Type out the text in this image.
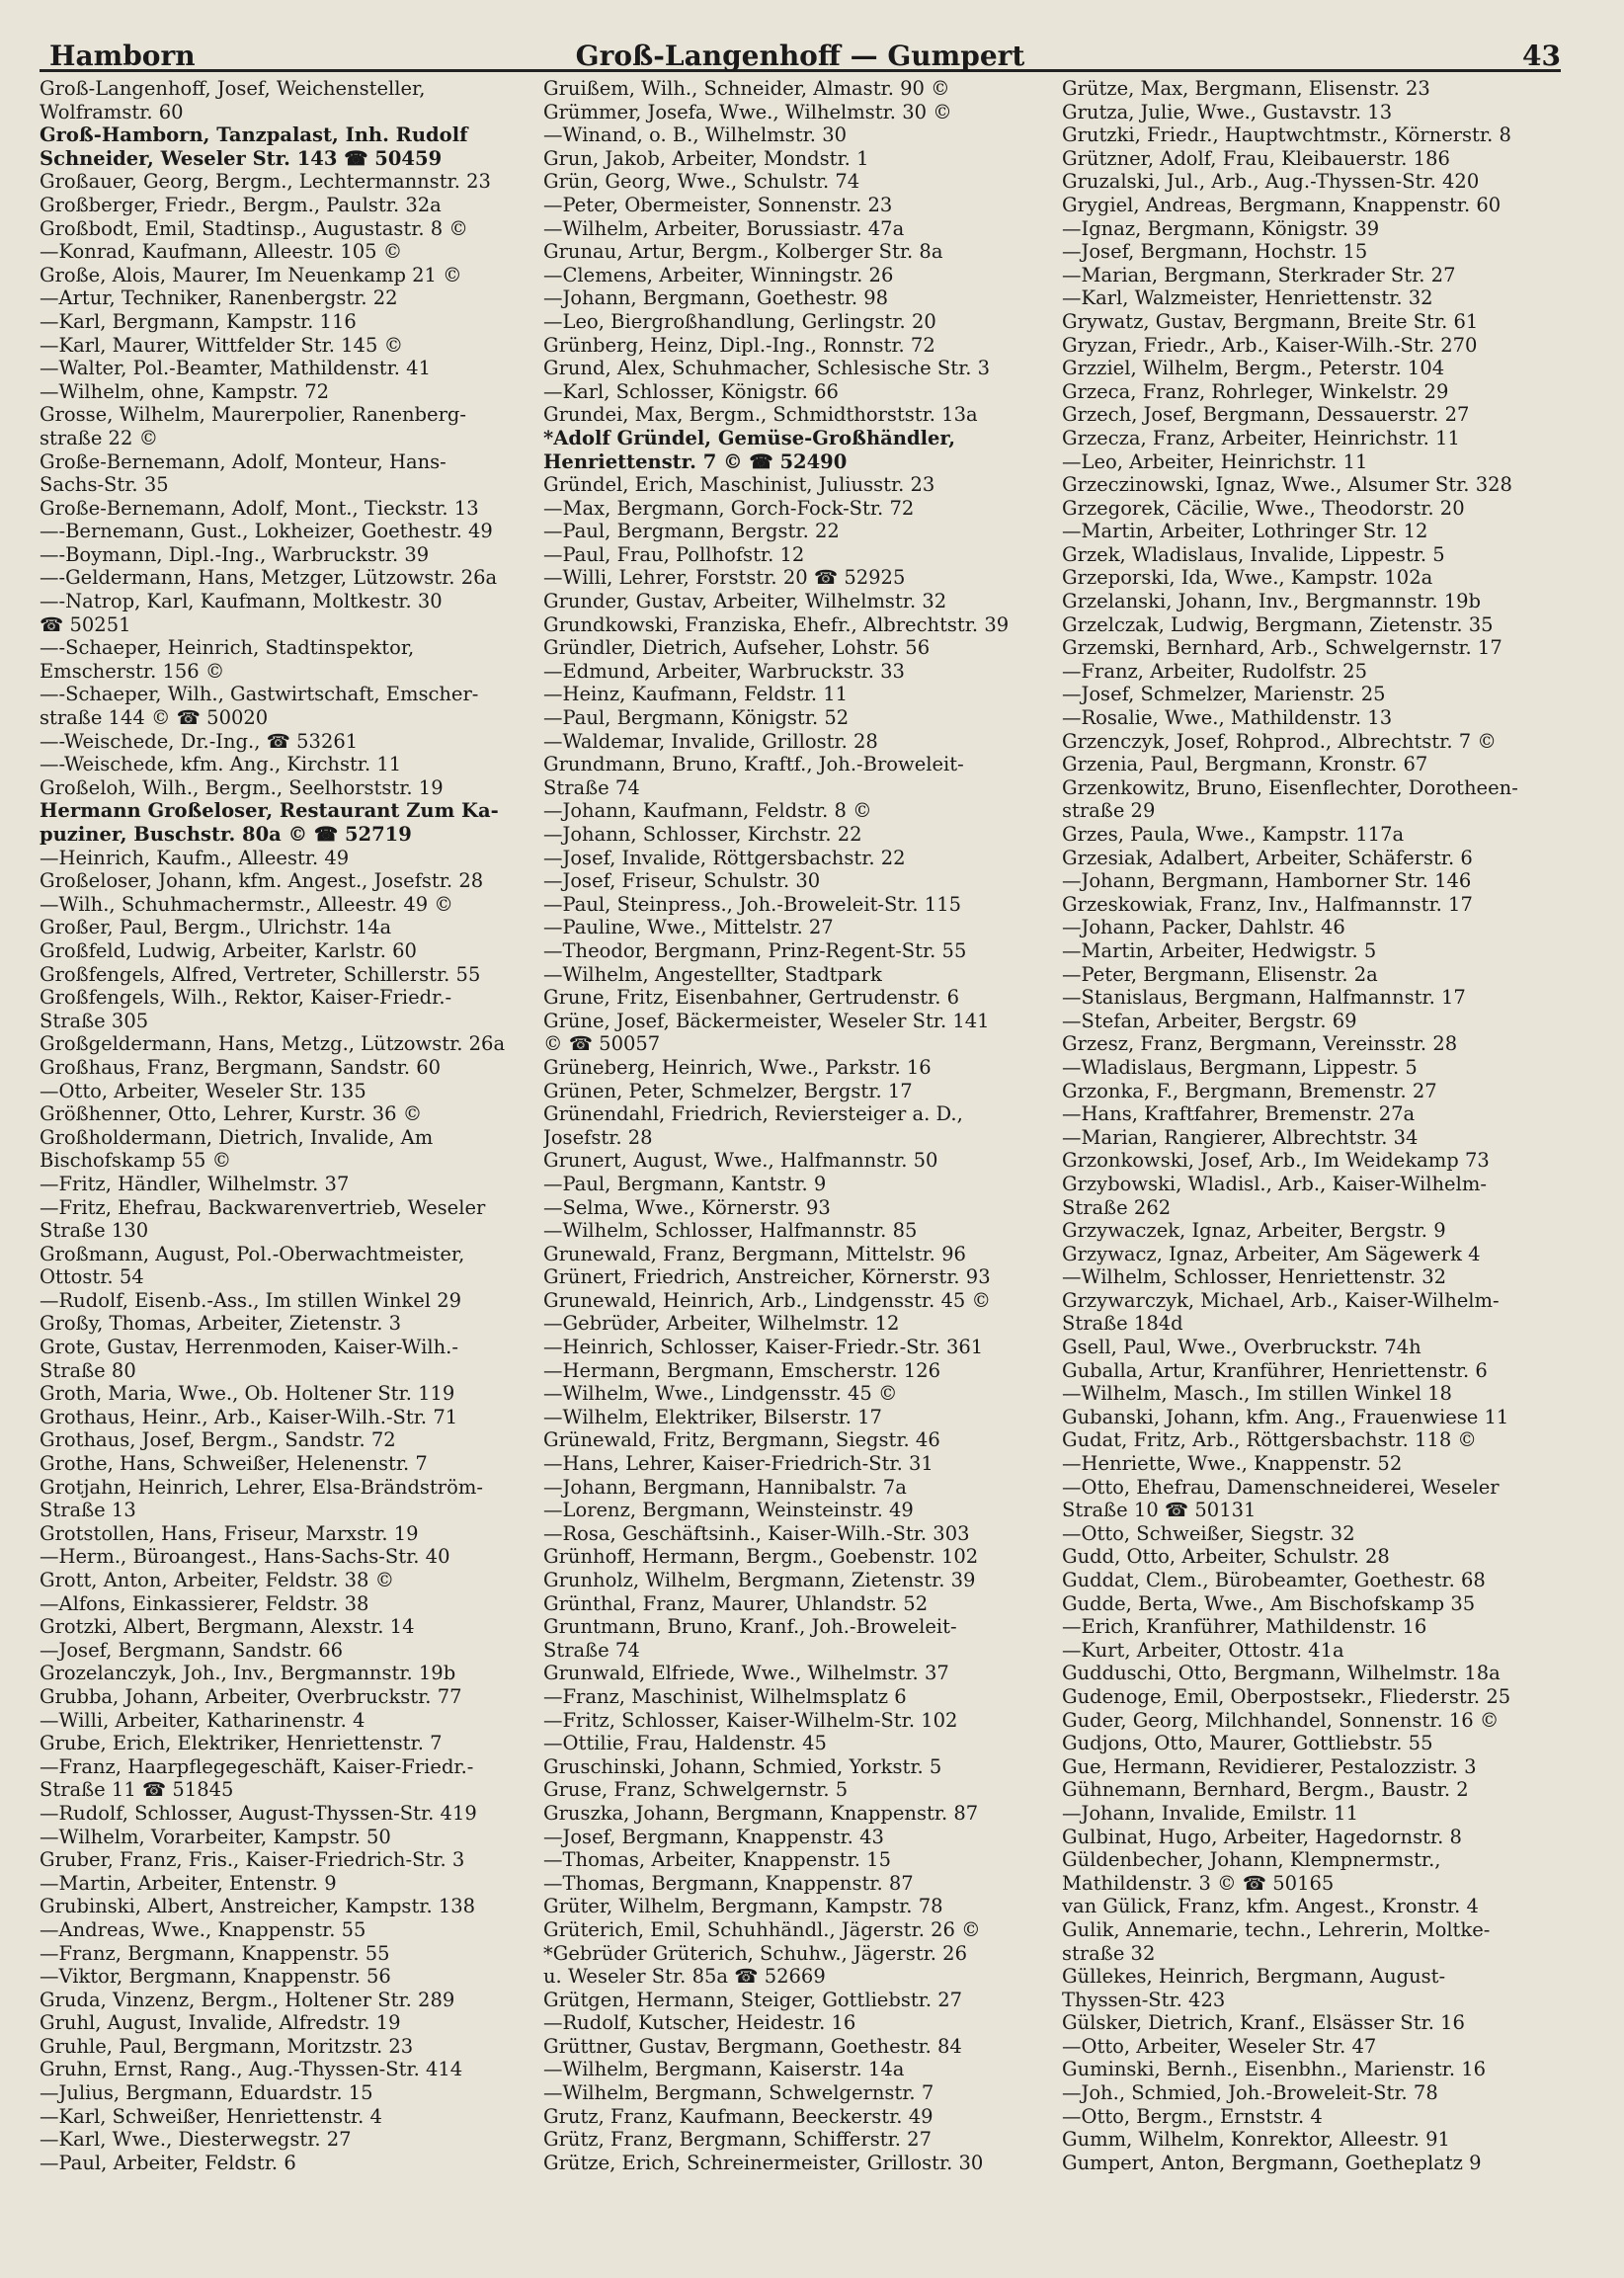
Hamborn	Groß-Langenhoff — Gumpert	43

Groß-Langenhoff, Josef, Weichensteller,

Wolframstr. 60

Groß-Hamborn, Tanzpalast, Inh. Rudolf

Schneider, Weseler Str. 143 ☎ 50459

Großauer, Georg, Bergm., Lechtermannstr. 23

Großberger, Friedr., Bergm., Paulstr. 32a

Großbodt, Emil, Stadtinsp., Augustastr. 8 ©

—Konrad, Kaufmann, Alleestr. 105 ©

Große, Alois, Maurer, Im Neuenkamp 21 ©

—Artur, Techniker, Ranenbergstr. 22

—Karl, Bergmann, Kampstr. 116

—Karl, Maurer, Wittfelder Str. 145 ©

—Walter, Pol.-Beamter, Mathildenstr. 41

—Wilhelm, ohne, Kampstr. 72

Grosse, Wilhelm, Maurerpolier, Ranenberg-

straße 22 ©

Große-Bernemann, Adolf, Monteur, Hans-

Sachs-Str. 35

Große-Bernemann, Adolf, Mont., Tieckstr. 13

—-Bernemann, Gust., Lokheizer, Goethestr. 49

—-Boymann, Dipl.-Ing., Warbruckstr. 39

—-Geldermann, Hans, Metzger, Lützowstr. 26a

—-Natrop, Karl, Kaufmann, Moltkestr. 30

☎ 50251

—-Schaeper, Heinrich, Stadtinspektor,

Emscherstr. 156 ©

—-Schaeper, Wilh., Gastwirtschaft, Emscher-

straße 144 © ☎ 50020

—-Weischede, Dr.-Ing., ☎ 53261

—-Weischede, kfm. Ang., Kirchstr. 11

Großeloh, Wilh., Bergm., Seelhorststr. 19

Hermann Großeloser, Restaurant Zum Ka-

puziner, Buschstr. 80a © ☎ 52719

—Heinrich, Kaufm., Alleestr. 49

Großeloser, Johann, kfm. Angest., Josefstr. 28

—Wilh., Schuhmachermstr., Alleestr. 49 ©

Großer, Paul, Bergm., Ulrichstr. 14a

Großfeld, Ludwig, Arbeiter, Karlstr. 60

Großfengels, Alfred, Vertreter, Schillerstr. 55

Großfengels, Wilh., Rektor, Kaiser-Friedr.-

Straße 305

Großgeldermann, Hans, Metzg., Lützowstr. 26a

Großhaus, Franz, Bergmann, Sandstr. 60

—Otto, Arbeiter, Weseler Str. 135

Größhenner, Otto, Lehrer, Kurstr. 36 ©

Großholdermann, Dietrich, Invalide, Am

Bischofskamp 55 ©

—Fritz, Händler, Wilhelmstr. 37

—Fritz, Ehefrau, Backwarenvertrieb, Weseler

Straße 130

Großmann, August, Pol.-Oberwachtmeister,

Ottostr. 54

—Rudolf, Eisenb.-Ass., Im stillen Winkel 29

Großy, Thomas, Arbeiter, Zietenstr. 3

Grote, Gustav, Herrenmoden, Kaiser-Wilh.-

Straße 80

Groth, Maria, Wwe., Ob. Holtener Str. 119

Grothaus, Heinr., Arb., Kaiser-Wilh.-Str. 71

Grothaus, Josef, Bergm., Sandstr. 72

Grothe, Hans, Schweißer, Helenenstr. 7

Grotjahn, Heinrich, Lehrer, Elsa-Brändström-

Straße 13

Grotstollen, Hans, Friseur, Marxstr. 19

—Herm., Büroangest., Hans-Sachs-Str. 40

Grott, Anton, Arbeiter, Feldstr. 38 ©

—Alfons, Einkassierer, Feldstr. 38

Grotzki, Albert, Bergmann, Alexstr. 14

—Josef, Bergmann, Sandstr. 66

Grozelanczyk, Joh., Inv., Bergmannstr. 19b

Grubba, Johann, Arbeiter, Overbruckstr. 77

—Willi, Arbeiter, Katharinenstr. 4

Grube, Erich, Elektriker, Henriettenstr. 7

—Franz, Haarpflegegeschäft, Kaiser-Friedr.-

Straße 11 ☎ 51845

—Rudolf, Schlosser, August-Thyssen-Str. 419

—Wilhelm, Vorarbeiter, Kampstr. 50

Gruber, Franz, Fris., Kaiser-Friedrich-Str. 3

—Martin, Arbeiter, Entenstr. 9

Grubinski, Albert, Anstreicher, Kampstr. 138

—Andreas, Wwe., Knappenstr. 55

—Franz, Bergmann, Knappenstr. 55

—Viktor, Bergmann, Knappenstr. 56

Gruda, Vinzenz, Bergm., Holtener Str. 289

Gruhl, August, Invalide, Alfredstr. 19

Gruhle, Paul, Bergmann, Moritzstr. 23

Gruhn, Ernst, Rang., Aug.-Thyssen-Str. 414

—Julius, Bergmann, Eduardstr. 15

—Karl, Schweißer, Henriettenstr. 4

—Karl, Wwe., Diesterwegstr. 27

—Paul, Arbeiter, Feldstr. 6

Gruißem, Wilh., Schneider, Almastr. 90 ©

Grümmer, Josefa, Wwe., Wilhelmstr. 30 ©

—Winand, o. B., Wilhelmstr. 30

Grun, Jakob, Arbeiter, Mondstr. 1

Grün, Georg, Wwe., Schulstr. 74

—Peter, Obermeister, Sonnenstr. 23

—Wilhelm, Arbeiter, Borussiastr. 47a

Grunau, Artur, Bergm., Kolberger Str. 8a

—Clemens, Arbeiter, Winningstr. 26

—Johann, Bergmann, Goethestr. 98

—Leo, Biergroßhandlung, Gerlingstr. 20

Grünberg, Heinz, Dipl.-Ing., Ronnstr. 72

Grund, Alex, Schuhmacher, Schlesische Str. 3

—Karl, Schlosser, Königstr. 66

Grundei, Max, Bergm., Schmidthorststr. 13a

*Adolf Gründel, Gemüse-Großhändler,

Henriettenstr. 7 © ☎ 52490

Gründel, Erich, Maschinist, Juliusstr. 23

—Max, Bergmann, Gorch-Fock-Str. 72

—Paul, Bergmann, Bergstr. 22

—Paul, Frau, Pollhofstr. 12

—Willi, Lehrer, Forststr. 20 ☎ 52925

Grunder, Gustav, Arbeiter, Wilhelmstr. 32

Grundkowski, Franziska, Ehefr., Albrechtstr. 39

Gründler, Dietrich, Aufseher, Lohstr. 56

—Edmund, Arbeiter, Warbruckstr. 33

—Heinz, Kaufmann, Feldstr. 11

—Paul, Bergmann, Königstr. 52

—Waldemar, Invalide, Grillostr. 28

Grundmann, Bruno, Kraftf., Joh.-Broweleit-

Straße 74

—Johann, Kaufmann, Feldstr. 8 ©

—Johann, Schlosser, Kirchstr. 22

—Josef, Invalide, Röttgersbachstr. 22

—Josef, Friseur, Schulstr. 30

—Paul, Steinpress., Joh.-Broweleit-Str. 115

—Pauline, Wwe., Mittelstr. 27

—Theodor, Bergmann, Prinz-Regent-Str. 55

—Wilhelm, Angestellter, Stadtpark

Grune, Fritz, Eisenbahner, Gertrudenstr. 6

Grüne, Josef, Bäckermeister, Weseler Str. 141

© ☎ 50057

Grüneberg, Heinrich, Wwe., Parkstr. 16

Grünen, Peter, Schmelzer, Bergstr. 17

Grünendahl, Friedrich, Reviersteiger a. D.,

Josefstr. 28

Grunert, August, Wwe., Halfmannstr. 50

—Paul, Bergmann, Kantstr. 9

—Selma, Wwe., Körnerstr. 93

—Wilhelm, Schlosser, Halfmannstr. 85

Grunewald, Franz, Bergmann, Mittelstr. 96

Grünert, Friedrich, Anstreicher, Körnerstr. 93

Grunewald, Heinrich, Arb., Lindgensstr. 45 ©

—Gebrüder, Arbeiter, Wilhelmstr. 12

—Heinrich, Schlosser, Kaiser-Friedr.-Str. 361

—Hermann, Bergmann, Emscherstr. 126

—Wilhelm, Wwe., Lindgensstr. 45 ©

—Wilhelm, Elektriker, Bilserstr. 17

Grünewald, Fritz, Bergmann, Siegstr. 46

—Hans, Lehrer, Kaiser-Friedrich-Str. 31

—Johann, Bergmann, Hannibalstr. 7a

—Lorenz, Bergmann, Weinsteinstr. 49

—Rosa, Geschäftsinh., Kaiser-Wilh.-Str. 303

Grünhoff, Hermann, Bergm., Goebenstr. 102

Grunholz, Wilhelm, Bergmann, Zietenstr. 39

Grünthal, Franz, Maurer, Uhlandstr. 52

Gruntmann, Bruno, Kranf., Joh.-Broweleit-

Straße 74

Grunwald, Elfriede, Wwe., Wilhelmstr. 37

—Franz, Maschinist, Wilhelmsplatz 6

—Fritz, Schlosser, Kaiser-Wilhelm-Str. 102

—Ottilie, Frau, Haldenstr. 45

Gruschinski, Johann, Schmied, Yorkstr. 5

Gruse, Franz, Schwelgernstr. 5

Gruszka, Johann, Bergmann, Knappenstr. 87

—Josef, Bergmann, Knappenstr. 43

—Thomas, Arbeiter, Knappenstr. 15

—Thomas, Bergmann, Knappenstr. 87

Grüter, Wilhelm, Bergmann, Kampstr. 78

Grüterich, Emil, Schuhhändl., Jägerstr. 26 ©

*Gebrüder Grüterich, Schuhw., Jägerstr. 26

u. Weseler Str. 85a ☎ 52669

Grütgen, Hermann, Steiger, Gottliebstr. 27

—Rudolf, Kutscher, Heidestr. 16

Grüttner, Gustav, Bergmann, Goethestr. 84

—Wilhelm, Bergmann, Kaiserstr. 14a

—Wilhelm, Bergmann, Schwelgernstr. 7

Grutz, Franz, Kaufmann, Beeckerstr. 49

Grütz, Franz, Bergmann, Schifferstr. 27

Grütze, Erich, Schreinermeister, Grillostr. 30

Grütze, Max, Bergmann, Elisenstr. 23

Grutza, Julie, Wwe., Gustavstr. 13

Grutzki, Friedr., Hauptwchtmstr., Körnerstr. 8

Grützner, Adolf, Frau, Kleibauerstr. 186

Gruzalski, Jul., Arb., Aug.-Thyssen-Str. 420

Grygiel, Andreas, Bergmann, Knappenstr. 60

—Ignaz, Bergmann, Königstr. 39

—Josef, Bergmann, Hochstr. 15

—Marian, Bergmann, Sterkrader Str. 27

—Karl, Walzmeister, Henriettenstr. 32

Grywatz, Gustav, Bergmann, Breite Str. 61

Gryzan, Friedr., Arb., Kaiser-Wilh.-Str. 270

Grzziel, Wilhelm, Bergm., Peterstr. 104

Grzeca, Franz, Rohrleger, Winkelstr. 29

Grzech, Josef, Bergmann, Dessauerstr. 27

Grzecza, Franz, Arbeiter, Heinrichstr. 11

—Leo, Arbeiter, Heinrichstr. 11

Grzeczinowski, Ignaz, Wwe., Alsumer Str. 328

Grzegorek, Cäcilie, Wwe., Theodorstr. 20

—Martin, Arbeiter, Lothringer Str. 12

Grzek, Wladislaus, Invalide, Lippestr. 5

Grzeporski, Ida, Wwe., Kampstr. 102a

Grzelanski, Johann, Inv., Bergmannstr. 19b

Grzelczak, Ludwig, Bergmann, Zietenstr. 35

Grzemski, Bernhard, Arb., Schwelgernstr. 17

—Franz, Arbeiter, Rudolfstr. 25

—Josef, Schmelzer, Marienstr. 25

—Rosalie, Wwe., Mathildenstr. 13

Grzenczyk, Josef, Rohprod., Albrechtstr. 7 ©

Grzenia, Paul, Bergmann, Kronstr. 67

Grzenkowitz, Bruno, Eisenflechter, Dorotheen-

straße 29

Grzes, Paula, Wwe., Kampstr. 117a

Grzesiak, Adalbert, Arbeiter, Schäferstr. 6

—Johann, Bergmann, Hamborner Str. 146

Grzeskowiak, Franz, Inv., Halfmannstr. 17

—Johann, Packer, Dahlstr. 46

—Martin, Arbeiter, Hedwigstr. 5

—Peter, Bergmann, Elisenstr. 2a

—Stanislaus, Bergmann, Halfmannstr. 17

—Stefan, Arbeiter, Bergstr. 69

Grzesz, Franz, Bergmann, Vereinsstr. 28

—Wladislaus, Bergmann, Lippestr. 5

Grzonka, F., Bergmann, Bremenstr. 27

—Hans, Kraftfahrer, Bremenstr. 27a

—Marian, Rangierer, Albrechtstr. 34

Grzonkowski, Josef, Arb., Im Weidekamp 73

Grzybowski, Wladisl., Arb., Kaiser-Wilhelm-

Straße 262

Grzywaczek, Ignaz, Arbeiter, Bergstr. 9

Grzywacz, Ignaz, Arbeiter, Am Sägewerk 4

—Wilhelm, Schlosser, Henriettenstr. 32

Grzywarczyk, Michael, Arb., Kaiser-Wilhelm-

Straße 184d

Gsell, Paul, Wwe., Overbruckstr. 74h

Guballa, Artur, Kranführer, Henriettenstr. 6

—Wilhelm, Masch., Im stillen Winkel 18

Gubanski, Johann, kfm. Ang., Frauenwiese 11

Gudat, Fritz, Arb., Röttgersbachstr. 118 ©

—Henriette, Wwe., Knappenstr. 52

—Otto, Ehefrau, Damenschneiderei, Weseler

Straße 10 ☎ 50131

—Otto, Schweißer, Siegstr. 32

Gudd, Otto, Arbeiter, Schulstr. 28

Guddat, Clem., Bürobeamter, Goethestr. 68

Gudde, Berta, Wwe., Am Bischofskamp 35

—Erich, Kranführer, Mathildenstr. 16

—Kurt, Arbeiter, Ottostr. 41a

Gudduschi, Otto, Bergmann, Wilhelmstr. 18a

Gudenoge, Emil, Oberpostsekr., Fliederstr. 25

Guder, Georg, Milchhandel, Sonnenstr. 16 ©

Gudjons, Otto, Maurer, Gottliebstr. 55

Gue, Hermann, Revidierer, Pestalozzistr. 3

Gühnemann, Bernhard, Bergm., Baustr. 2

—Johann, Invalide, Emilstr. 11

Gulbinat, Hugo, Arbeiter, Hagedornstr. 8

Güldenbecher, Johann, Klempnermstr.,

Mathildenstr. 3 © ☎ 50165

van Gülick, Franz, kfm. Angest., Kronstr. 4

Gulik, Annemarie, techn., Lehrerin, Moltke-

straße 32

Güllekes, Heinrich, Bergmann, August-

Thyssen-Str. 423

Gülsker, Dietrich, Kranf., Elsässer Str. 16

—Otto, Arbeiter, Weseler Str. 47

Guminski, Bernh., Eisenbhn., Marienstr. 16

—Joh., Schmied, Joh.-Broweleit-Str. 78

—Otto, Bergm., Ernststr. 4

Gumm, Wilhelm, Konrektor, Alleestr. 91

Gumpert, Anton, Bergmann, Goetheplatz 9
